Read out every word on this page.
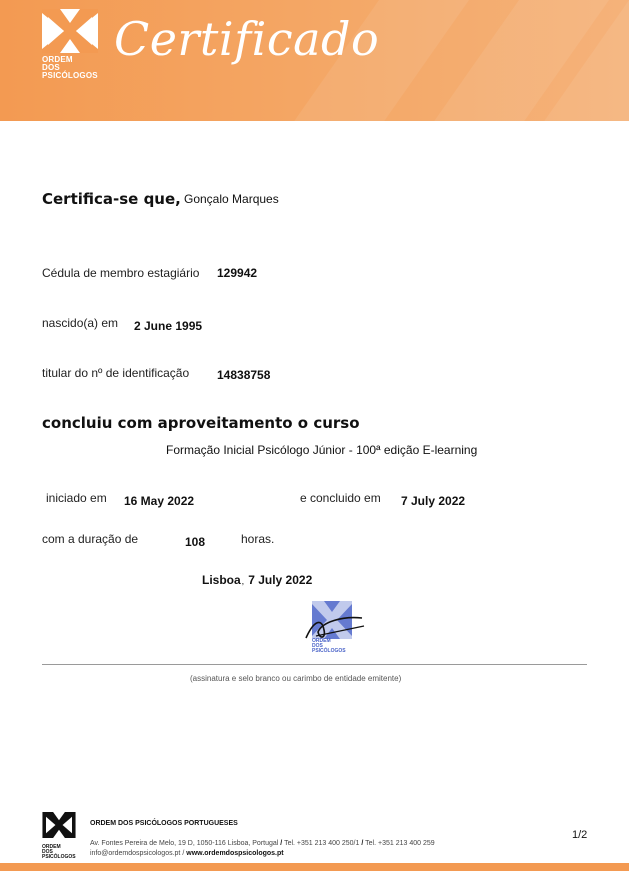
ORDEM
DOS
PSICÓLOGOS
Certificado
Certifica-se que, Gonçalo Marques
Cédula de membro estagiário 129942
nascido(a) em 2 June 1995
titular do nº de identificação 14838758
concluiu com aproveitamento o curso
Formação Inicial Psicólogo Júnior - 100ª edição E-learning
iniciado em 16 May 2022	e concluido em 7 July 2022
com a duração de	108	horas.
Lisboa, 7 July 2022
ORDEM
DOS
PSICÓLOGOS
(assinatura e selo branco ou carimbo de entidade emitente)
ORDEM
DOS
PSICÓLOGOS
ORDEM DOS PSICÓLOGOS PORTUGUESES
Av. Fontes Pereira de Melo, 19 D, 1050-116 Lisboa, Portugal / Tel. +351 213 400 250/1 / Tel. +351 213 400 259
info@ordemdospsicologos.pt / www.ordemdospsicologos.pt
1/2
